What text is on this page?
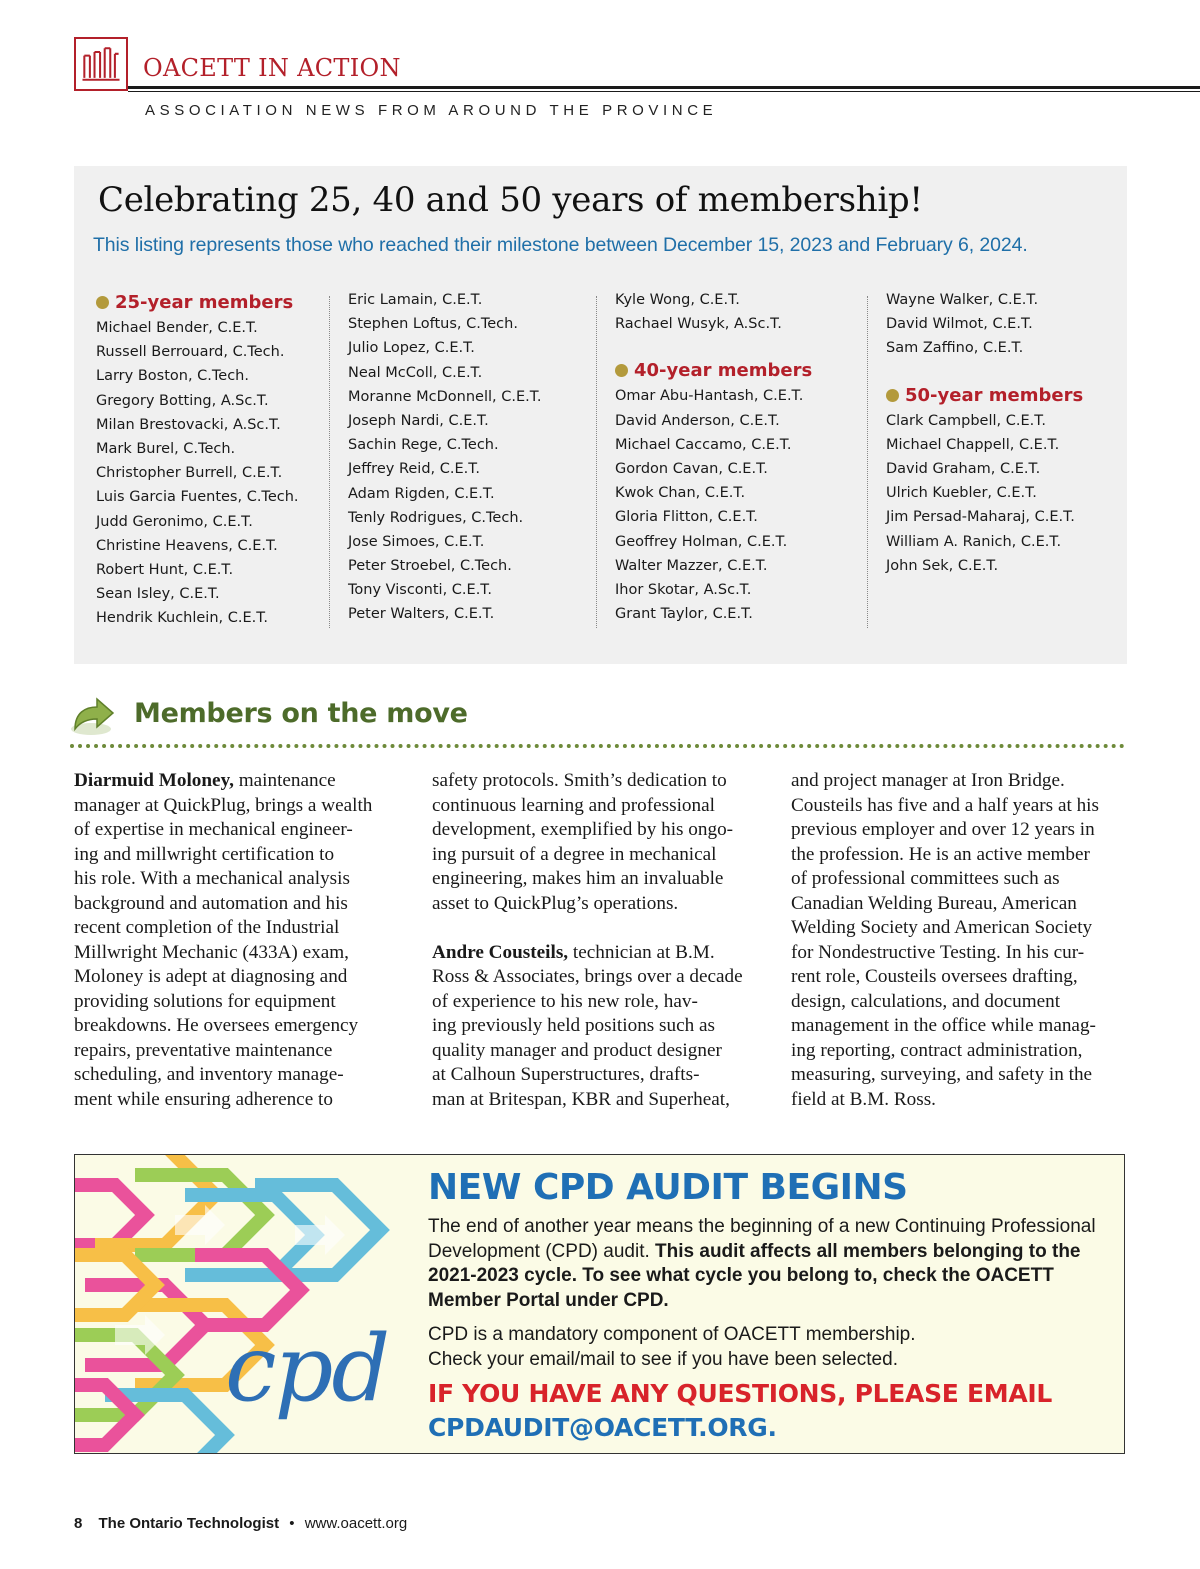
OACETT IN ACTION
ASSOCIATION NEWS FROM AROUND THE PROVINCE
Celebrating 25, 40 and 50 years of membership!
This listing represents those who reached their milestone between December 15, 2023 and February 6, 2024.
25-year members
Michael Bender, C.E.T.
Russell Berrouard, C.Tech.
Larry Boston, C.Tech.
Gregory Botting, A.Sc.T.
Milan Brestovacki, A.Sc.T.
Mark Burel, C.Tech.
Christopher Burrell, C.E.T.
Luis Garcia Fuentes, C.Tech.
Judd Geronimo, C.E.T.
Christine Heavens, C.E.T.
Robert Hunt, C.E.T.
Sean Isley, C.E.T.
Hendrik Kuchlein, C.E.T.
Eric Lamain, C.E.T.
Stephen Loftus, C.Tech.
Julio Lopez, C.E.T.
Neal McColl, C.E.T.
Moranne McDonnell, C.E.T.
Joseph Nardi, C.E.T.
Sachin Rege, C.Tech.
Jeffrey Reid, C.E.T.
Adam Rigden, C.E.T.
Tenly Rodrigues, C.Tech.
Jose Simoes, C.E.T.
Peter Stroebel, C.Tech.
Tony Visconti, C.E.T.
Peter Walters, C.E.T.
Kyle Wong, C.E.T.
Rachael Wusyk, A.Sc.T.
40-year members
Omar Abu-Hantash, C.E.T.
David Anderson, C.E.T.
Michael Caccamo, C.E.T.
Gordon Cavan, C.E.T.
Kwok Chan, C.E.T.
Gloria Flitton, C.E.T.
Geoffrey Holman, C.E.T.
Walter Mazzer, C.E.T.
Ihor Skotar, A.Sc.T.
Grant Taylor, C.E.T.
Wayne Walker, C.E.T.
David Wilmot, C.E.T.
Sam Zaffino, C.E.T.
50-year members
Clark Campbell, C.E.T.
Michael Chappell, C.E.T.
David Graham, C.E.T.
Ulrich Kuebler, C.E.T.
Jim Persad-Maharaj, C.E.T.
William A. Ranich, C.E.T.
John Sek, C.E.T.
Members on the move

Diarmuid Moloney, maintenance

manager at QuickPlug, brings a wealth
of expertise in mechanical engineer-
ing and millwright certification to
his role. With a mechanical analysis
background and automation and his
recent completion of the Industrial
Millwright Mechanic (433A) exam,
Moloney is adept at diagnosing and
providing solutions for equipment
breakdowns. He oversees emergency
repairs, preventative maintenance
scheduling, and inventory manage-
ment while ensuring adherence to
safety protocols. Smith’s dedication to
continuous learning and professional
development, exemplified by his ongo-
ing pursuit of a degree in mechanical
engineering, makes him an invaluable
asset to QuickPlug’s operations.

Andre Cousteils, technician at B.M.

Ross & Associates, brings over a decade
of experience to his new role, hav-
ing previously held positions such as
quality manager and product designer
at Calhoun Superstructures, drafts-
man at Britespan, KBR and Superheat,
and project manager at Iron Bridge.
Cousteils has five and a half years at his
previous employer and over 12 years in
the profession. He is an active member
of professional committees such as
Canadian Welding Bureau, American
Welding Society and American Society
for Nondestructive Testing. In his cur-
rent role, Cousteils oversees drafting,
design, calculations, and document
management in the office while manag-
ing reporting, contract administration,
measuring, surveying, and safety in the
field at B.M. Ross.
cpd
NEW CPD AUDIT BEGINS
The end of another year means the beginning of a new Continuing Professional Development (CPD) audit. This audit affects all members belonging to the 2021-2023 cycle. To see what cycle you belong to, check the OACETT Member Portal under CPD.
CPD is a mandatory component of OACETT membership.
Check your email/mail to see if you have been selected.
IF YOU HAVE ANY QUESTIONS, PLEASE EMAIL
CPDAUDIT@OACETT.ORG.
8 The Ontario Technologist • www.oacett.org
